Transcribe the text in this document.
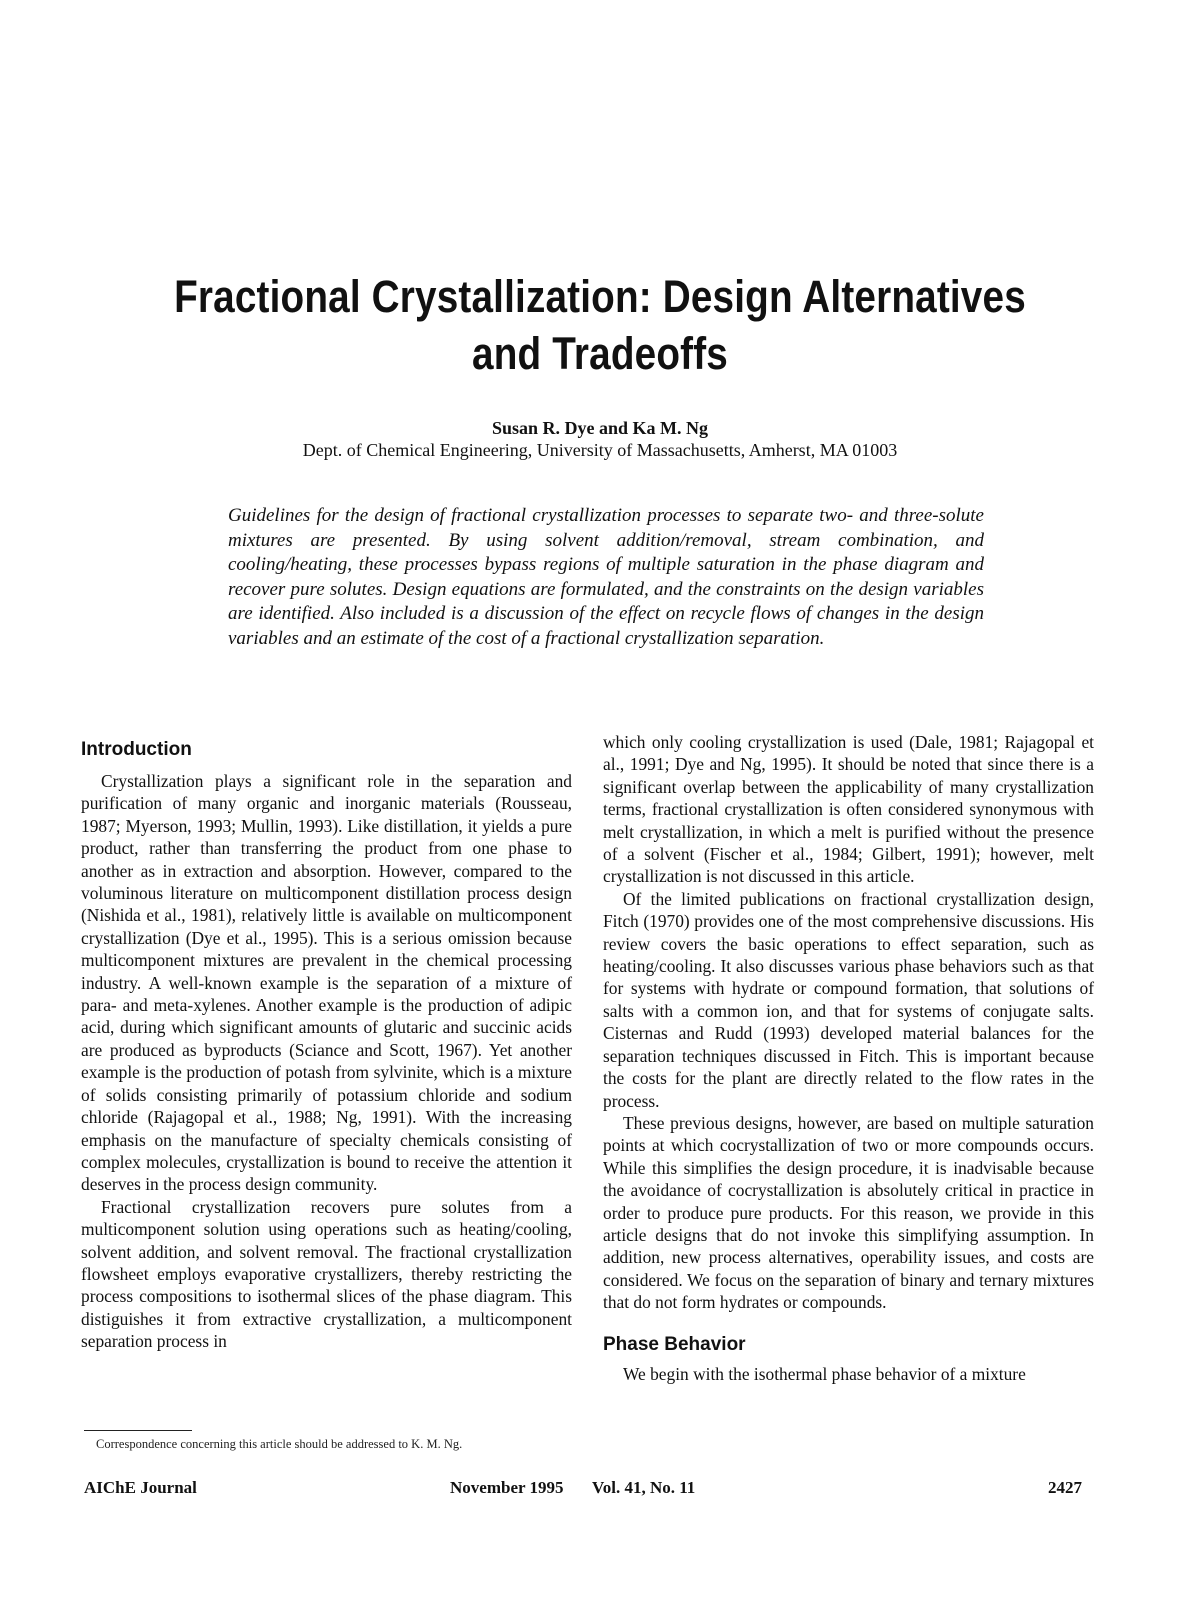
Fractional Crystallization: Design Alternatives and Tradeoffs
Susan R. Dye and Ka M. Ng
Dept. of Chemical Engineering, University of Massachusetts, Amherst, MA 01003
Guidelines for the design of fractional crystallization processes to separate two- and three-solute mixtures are presented. By using solvent addition/removal, stream combination, and cooling/heating, these processes bypass regions of multiple saturation in the phase diagram and recover pure solutes. Design equations are formulated, and the constraints on the design variables are identified. Also included is a discussion of the effect on recycle flows of changes in the design variables and an estimate of the cost of a fractional crystallization separation.
Introduction

Crystallization plays a significant role in the separation and purification of many organic and inorganic materials (Rousseau, 1987; Myerson, 1993; Mullin, 1993). Like distillation, it yields a pure product, rather than transferring the product from one phase to another as in extraction and absorption. However, compared to the voluminous literature on multicomponent distillation process design (Nishida et al., 1981), relatively little is available on multicomponent crystallization (Dye et al., 1995). This is a serious omission because multicomponent mixtures are prevalent in the chemical processing industry. A well-known example is the separation of a mixture of para- and meta-xylenes. Another example is the production of adipic acid, during which significant amounts of glutaric and succinic acids are produced as byproducts (Sciance and Scott, 1967). Yet another example is the production of potash from sylvinite, which is a mixture of solids consisting primarily of potassium chloride and sodium chloride (Rajagopal et al., 1988; Ng, 1991). With the increasing emphasis on the manufacture of specialty chemicals consisting of complex molecules, crystallization is bound to receive the attention it deserves in the process design community.

Fractional crystallization recovers pure solutes from a multicomponent solution using operations such as heating/cooling, solvent addition, and solvent removal. The fractional crystallization flowsheet employs evaporative crystallizers, thereby restricting the process compositions to isothermal slices of the phase diagram. This distiguishes it from extractive crystallization, a multicomponent separation process in

which only cooling crystallization is used (Dale, 1981; Rajagopal et al., 1991; Dye and Ng, 1995). It should be noted that since there is a significant overlap between the applicability of many crystallization terms, fractional crystallization is often considered synonymous with melt crystallization, in which a melt is purified without the presence of a solvent (Fischer et al., 1984; Gilbert, 1991); however, melt crystallization is not discussed in this article.

Of the limited publications on fractional crystallization design, Fitch (1970) provides one of the most comprehensive discussions. His review covers the basic operations to effect separation, such as heating/cooling. It also discusses various phase behaviors such as that for systems with hydrate or compound formation, that solutions of salts with a common ion, and that for systems of conjugate salts. Cisternas and Rudd (1993) developed material balances for the separation techniques discussed in Fitch. This is important because the costs for the plant are directly related to the flow rates in the process.

These previous designs, however, are based on multiple saturation points at which cocrystallization of two or more compounds occurs. While this simplifies the design procedure, it is inadvisable because the avoidance of cocrystallization is absolutely critical in practice in order to produce pure products. For this reason, we provide in this article designs that do not invoke this simplifying assumption. In addition, new process alternatives, operability issues, and costs are considered. We focus on the separation of binary and ternary mixtures that do not form hydrates or compounds.

Phase Behavior

We begin with the isothermal phase behavior of a mixture

Correspondence concerning this article should be addressed to K. M. Ng.
AIChE Journal	November 1995 Vol. 41, No. 11	2427
